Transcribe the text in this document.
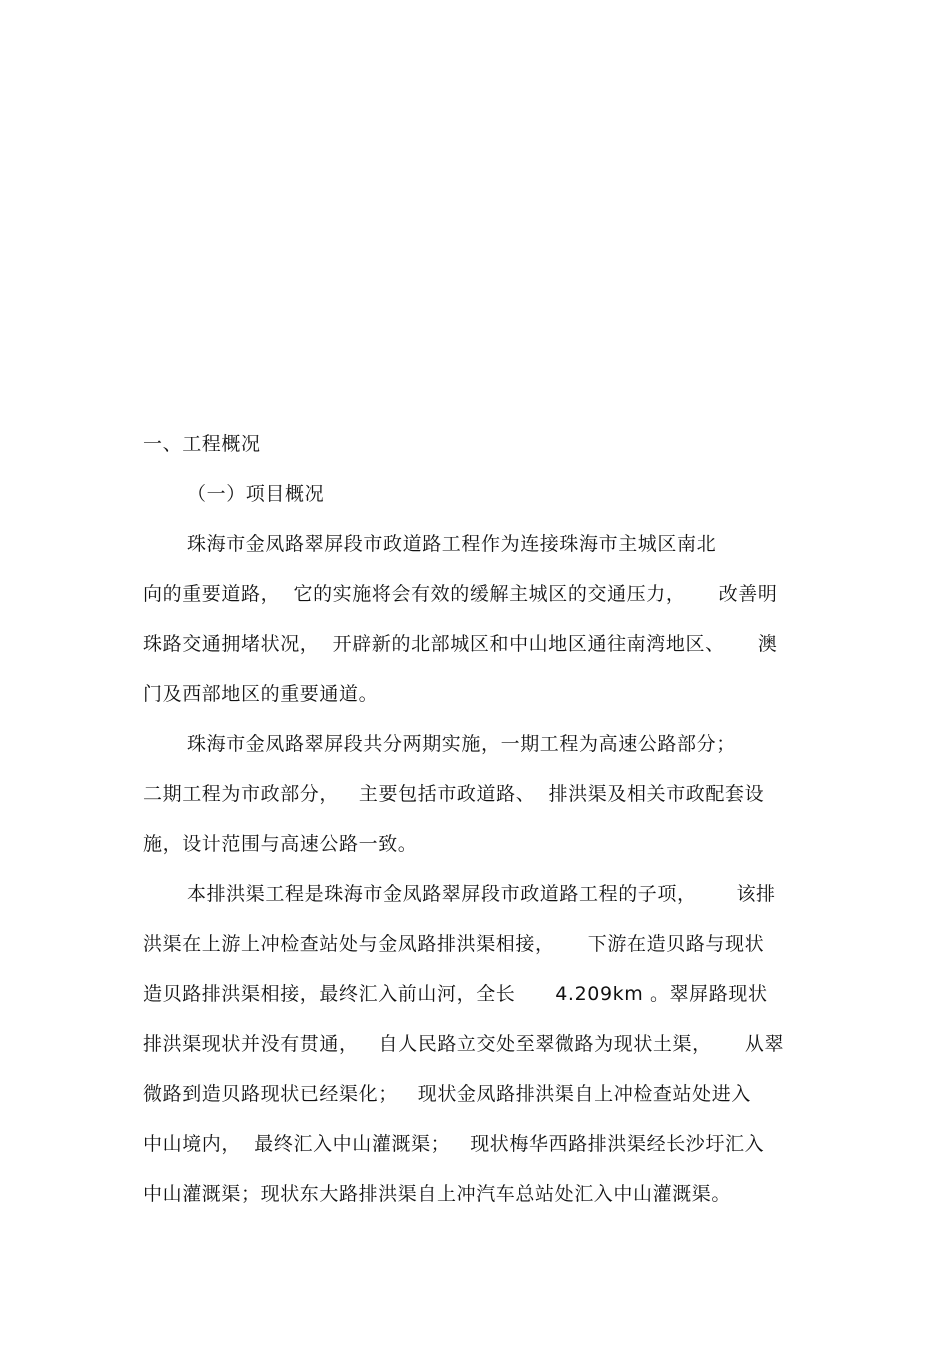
一、工程概况
（一）项目概况
珠海市金凤路翠屏段市政道路工程作为连接珠海市主城区南北
向的重要道路，  它的实施将会有效的缓解主城区的交通压力，     改善明
珠路交通拥堵状况，  开辟新的北部城区和中山地区通往南湾地区、     澳
门及西部地区的重要通道。
珠海市金凤路翠屏段共分两期实施，一期工程为高速公路部分；
二期工程为市政部分，   主要包括市政道路、  排洪渠及相关市政配套设
施，设计范围与高速公路一致。
本排洪渠工程是珠海市金凤路翠屏段市政道路工程的子项，      该排
洪渠在上游上冲检查站处与金凤路排洪渠相接，     下游在造贝路与现状
造贝路排洪渠相接，最终汇入前山河，全长      4.209km 。翠屏路现状
排洪渠现状并没有贯通，   自人民路立交处至翠微路为现状土渠，     从翠
微路到造贝路现状已经渠化；   现状金凤路排洪渠自上冲检查站处进入
中山境内，  最终汇入中山灌溉渠；   现状梅华西路排洪渠经长沙圩汇入
中山灌溉渠；现状东大路排洪渠自上冲汽车总站处汇入中山灌溉渠。
